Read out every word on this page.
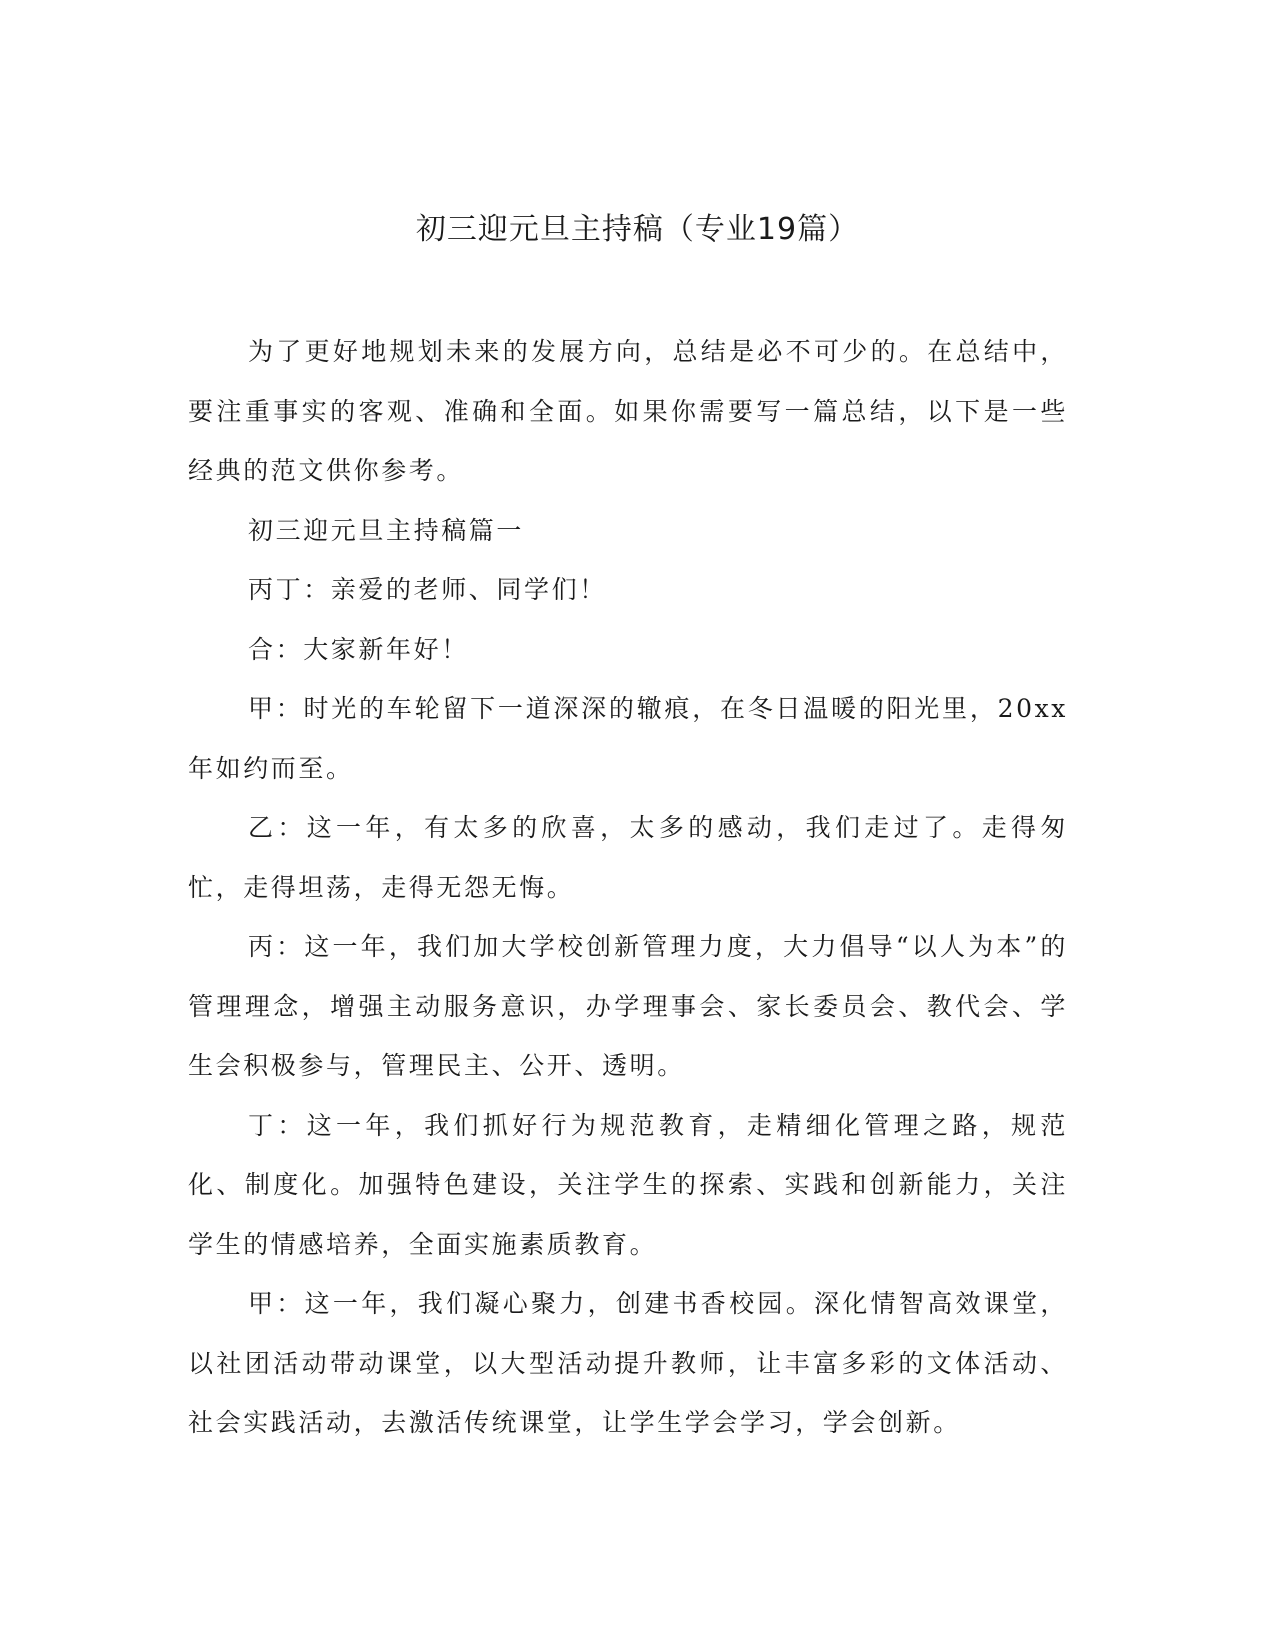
初三迎元旦主持稿（专业19篇）

为了更好地规划未来的发展方向，总结是必不可少的。在总结中，要注重事实的客观、准确和全面。如果你需要写一篇总结，以下是一些经典的范文供你参考。

初三迎元旦主持稿篇一

丙丁：亲爱的老师、同学们！

合：大家新年好！

甲：时光的车轮留下一道深深的辙痕，在冬日温暖的阳光里，20xx年如约而至。

乙：这一年，有太多的欣喜，太多的感动，我们走过了。走得匆忙，走得坦荡，走得无怨无悔。

丙：这一年，我们加大学校创新管理力度，大力倡导“以人为本”的管理理念，增强主动服务意识，办学理事会、家长委员会、教代会、学生会积极参与，管理民主、公开、透明。

丁：这一年，我们抓好行为规范教育，走精细化管理之路，规范化、制度化。加强特色建设，关注学生的探索、实践和创新能力，关注学生的情感培养，全面实施素质教育。

甲：这一年，我们凝心聚力，创建书香校园。深化情智高效课堂，以社团活动带动课堂，以大型活动提升教师，让丰富多彩的文体活动、社会实践活动，去激活传统课堂，让学生学会学习，学会创新。
